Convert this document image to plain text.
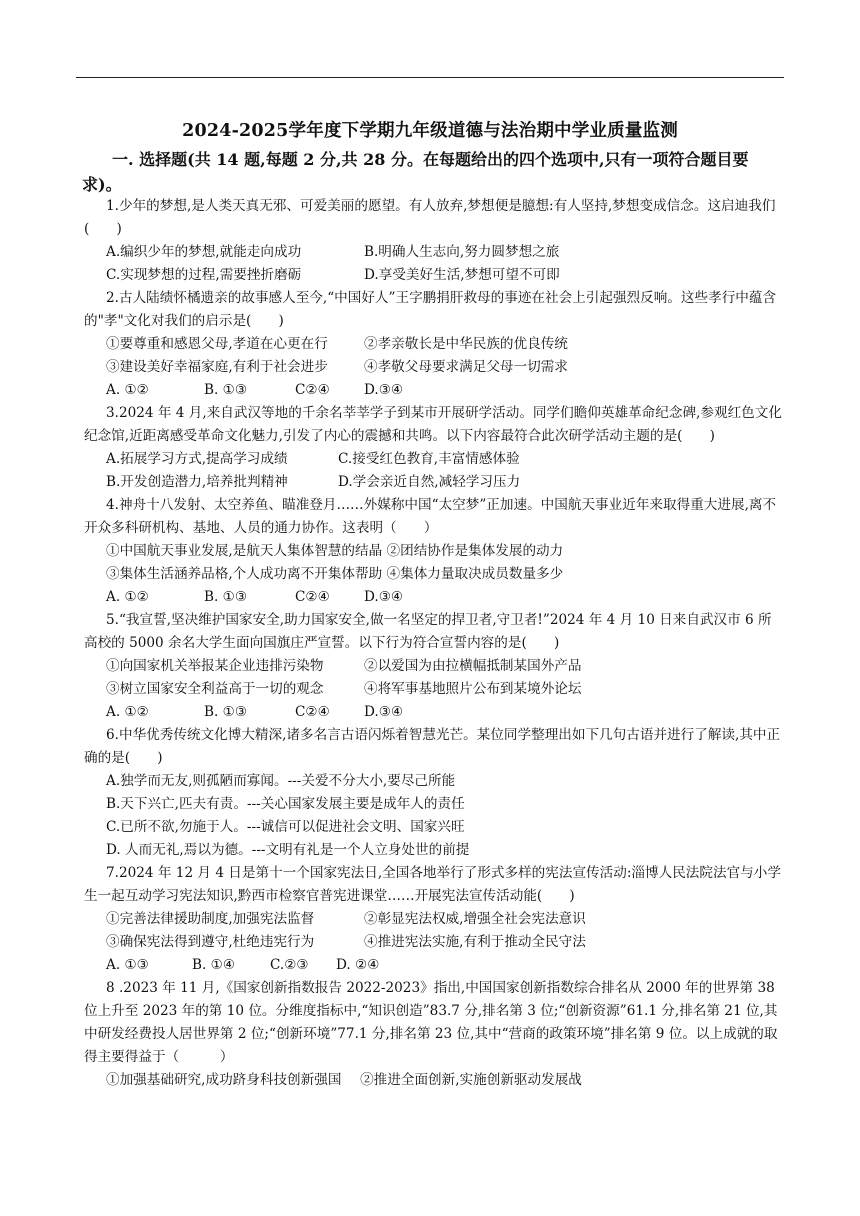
2024-2025学年度下学期九年级道德与法治期中学业质量监测
一. 选择题(共 14 题,每题 2 分,共 28 分。在每题给出的四个选项中,只有一项符合题目要求)。
1.少年的梦想,是人类天真无邪、可爱美丽的愿望。有人放弃,梦想便是臆想:有人坚持,梦想变成信念。这启迪我们(　　)
A.编织少年的梦想,就能走向成功	B.明确人生志向,努力圆梦想之旅
C.实现梦想的过程,需要挫折磨砺	D.享受美好生活,梦想可望不可即
2.古人陆绩怀橘遗亲的故事感人至今,“中国好人”王字鹏捐肝救母的事迹在社会上引起强烈反响。这些孝行中蕴含的"孝"文化对我们的启示是(　　)
①要尊重和感恩父母,孝道在心更在行	②孝亲敬长是中华民族的优良传统
③建设美好幸福家庭,有利于社会进步	④孝敬父母要求满足父母一切需求
A. ①②	B. ①③	C②④	D.③④
3.2024 年 4 月,来自武汉等地的千余名莘莘学子到某市开展研学活动。同学们瞻仰英雄革命纪念碑,参观红色文化纪念馆,近距离感受革命文化魅力,引发了内心的震撼和共鸣。以下内容最符合此次研学活动主题的是(　　)
A.拓展学习方式,提高学习成绩	C.接受红色教育,丰富情感体验
B.开发创造潜力,培养批判精神	D.学会亲近自然,减轻学习压力
4.神舟十八发射、太空养鱼、瞄准登月……外媒称中国“太空梦”正加速。中国航天事业近年来取得重大进展,离不开众多科研机构、基地、人员的通力协作。这表明（　　）
①中国航天事业发展,是航天人集体智慧的结晶 ②团结协作是集体发展的动力
③集体生活涵养品格,个人成功离不开集体帮助 ④集体力量取决成员数量多少
A. ①②	B. ①③	C②④	D.③④
5.“我宣誓,坚决维护国家安全,助力国家安全,做一名坚定的捍卫者,守卫者!”2024 年 4 月 10 日来自武汉市 6 所高校的 5000 余名大学生面向国旗庄严宣誓。以下行为符合宣誓内容的是(　　)
①向国家机关举报某企业违排污染物	②以爱国为由拉横幅抵制某国外产品
③树立国家安全利益高于一切的观念	④将军事基地照片公布到某境外论坛
A. ①②	B. ①③	C②④	D.③④
6.中华优秀传统文化博大精深,诸多名言古语闪烁着智慧光芒。某位同学整理出如下几句古语并进行了解读,其中正确的是(　　)
A.独学而无友,则孤陋而寡闻。---关爱不分大小,要尽己所能
B.天下兴亡,匹夫有责。---关心国家发展主要是成年人的责任
C.已所不欲,勿施于人。---诚信可以促进社会文明、国家兴旺
D. 人而无礼,焉以为德。---文明有礼是一个人立身处世的前提
7.2024 年 12 月 4 日是第十一个国家宪法日,全国各地举行了形式多样的宪法宣传活动:淄博人民法院法官与小学生一起互动学习宪法知识,黔西市检察官普宪进课堂……开展宪法宣传活动能(　　)
①完善法律援助制度,加强宪法监督	②彰显宪法权威,增强全社会宪法意识
③确保宪法得到遵守,杜绝违宪行为	④推进宪法实施,有利于推动全民守法
A. ①③	B. ①④	C.②③	D. ②④
8 .2023 年 11 月,《国家创新指数报告 2022-2023》指出,中国国家创新指数综合排名从 2000 年的世界第 38 位上升至 2023 年的第 10 位。分维度指标中,“知识创造”83.7 分,排名第 3 位;“创新资源”61.1 分,排名第 21 位,其中研发经费投人居世界第 2 位;“创新环境”77.1 分,排名第 23 位,其中“营商的政策环境”排名第 9 位。以上成就的取得主要得益于（　　　）
①加强基础研究,成功跻身科技创新强国 ②推进全面创新,实施创新驱动发展战
